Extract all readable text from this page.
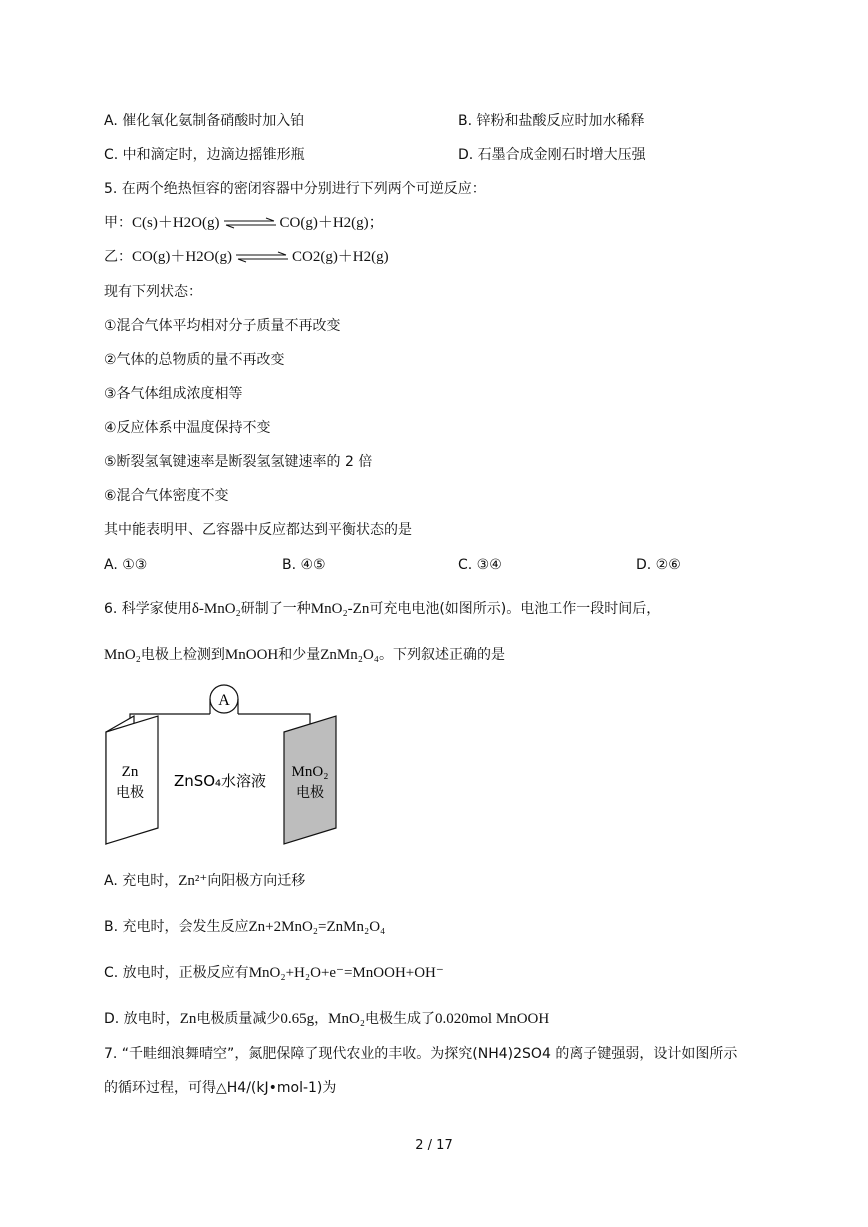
A. 催化氧化氨制备硝酸时加入铂	B. 锌粉和盐酸反应时加水稀释
C. 中和滴定时，边滴边摇锥形瓶	D. 石墨合成金刚石时增大压强
5. 在两个绝热恒容的密闭容器中分别进行下列两个可逆反应：
甲：C(s)＋H2O(g) ⇌ CO(g)＋H2(g)；
乙：CO(g)＋H2O(g) ⇌ CO2(g)＋H2(g)
现有下列状态：
①混合气体平均相对分子质量不再改变
②气体的总物质的量不再改变
③各气体组成浓度相等
④反应体系中温度保持不变
⑤断裂氢氧键速率是断裂氢氢键速率的 2 倍
⑥混合气体密度不变
其中能表明甲、乙容器中反应都达到平衡状态的是
A. ①③	B. ④⑤	C. ③④	D. ②⑥
6. 科学家使用δ-MnO₂研制了一种MnO₂-Zn可充电电池(如图所示)。电池工作一段时间后，
MnO₂电极上检测到MnOOH和少量ZnMn₂O₄。下列叙述正确的是
A
Zn
电极
ZnSO₄水溶液 MnO₂
电极
A. 充电时，Zn²⁺向阳极方向迁移
B. 充电时，会发生反应Zn+2MnO₂=ZnMn₂O₄
C. 放电时，正极反应有MnO₂+H₂O+e⁻=MnOOH+OH⁻
D. 放电时，Zn电极质量减少0.65g，MnO₂电极生成了0.020mol MnOOH
7. “千畦细浪舞晴空”，氮肥保障了现代农业的丰收。为探究(NH4)2SO4 的离子键强弱，设计如图所示
的循环过程，可得△H4/(kJ•mol-1)为
2 / 17
